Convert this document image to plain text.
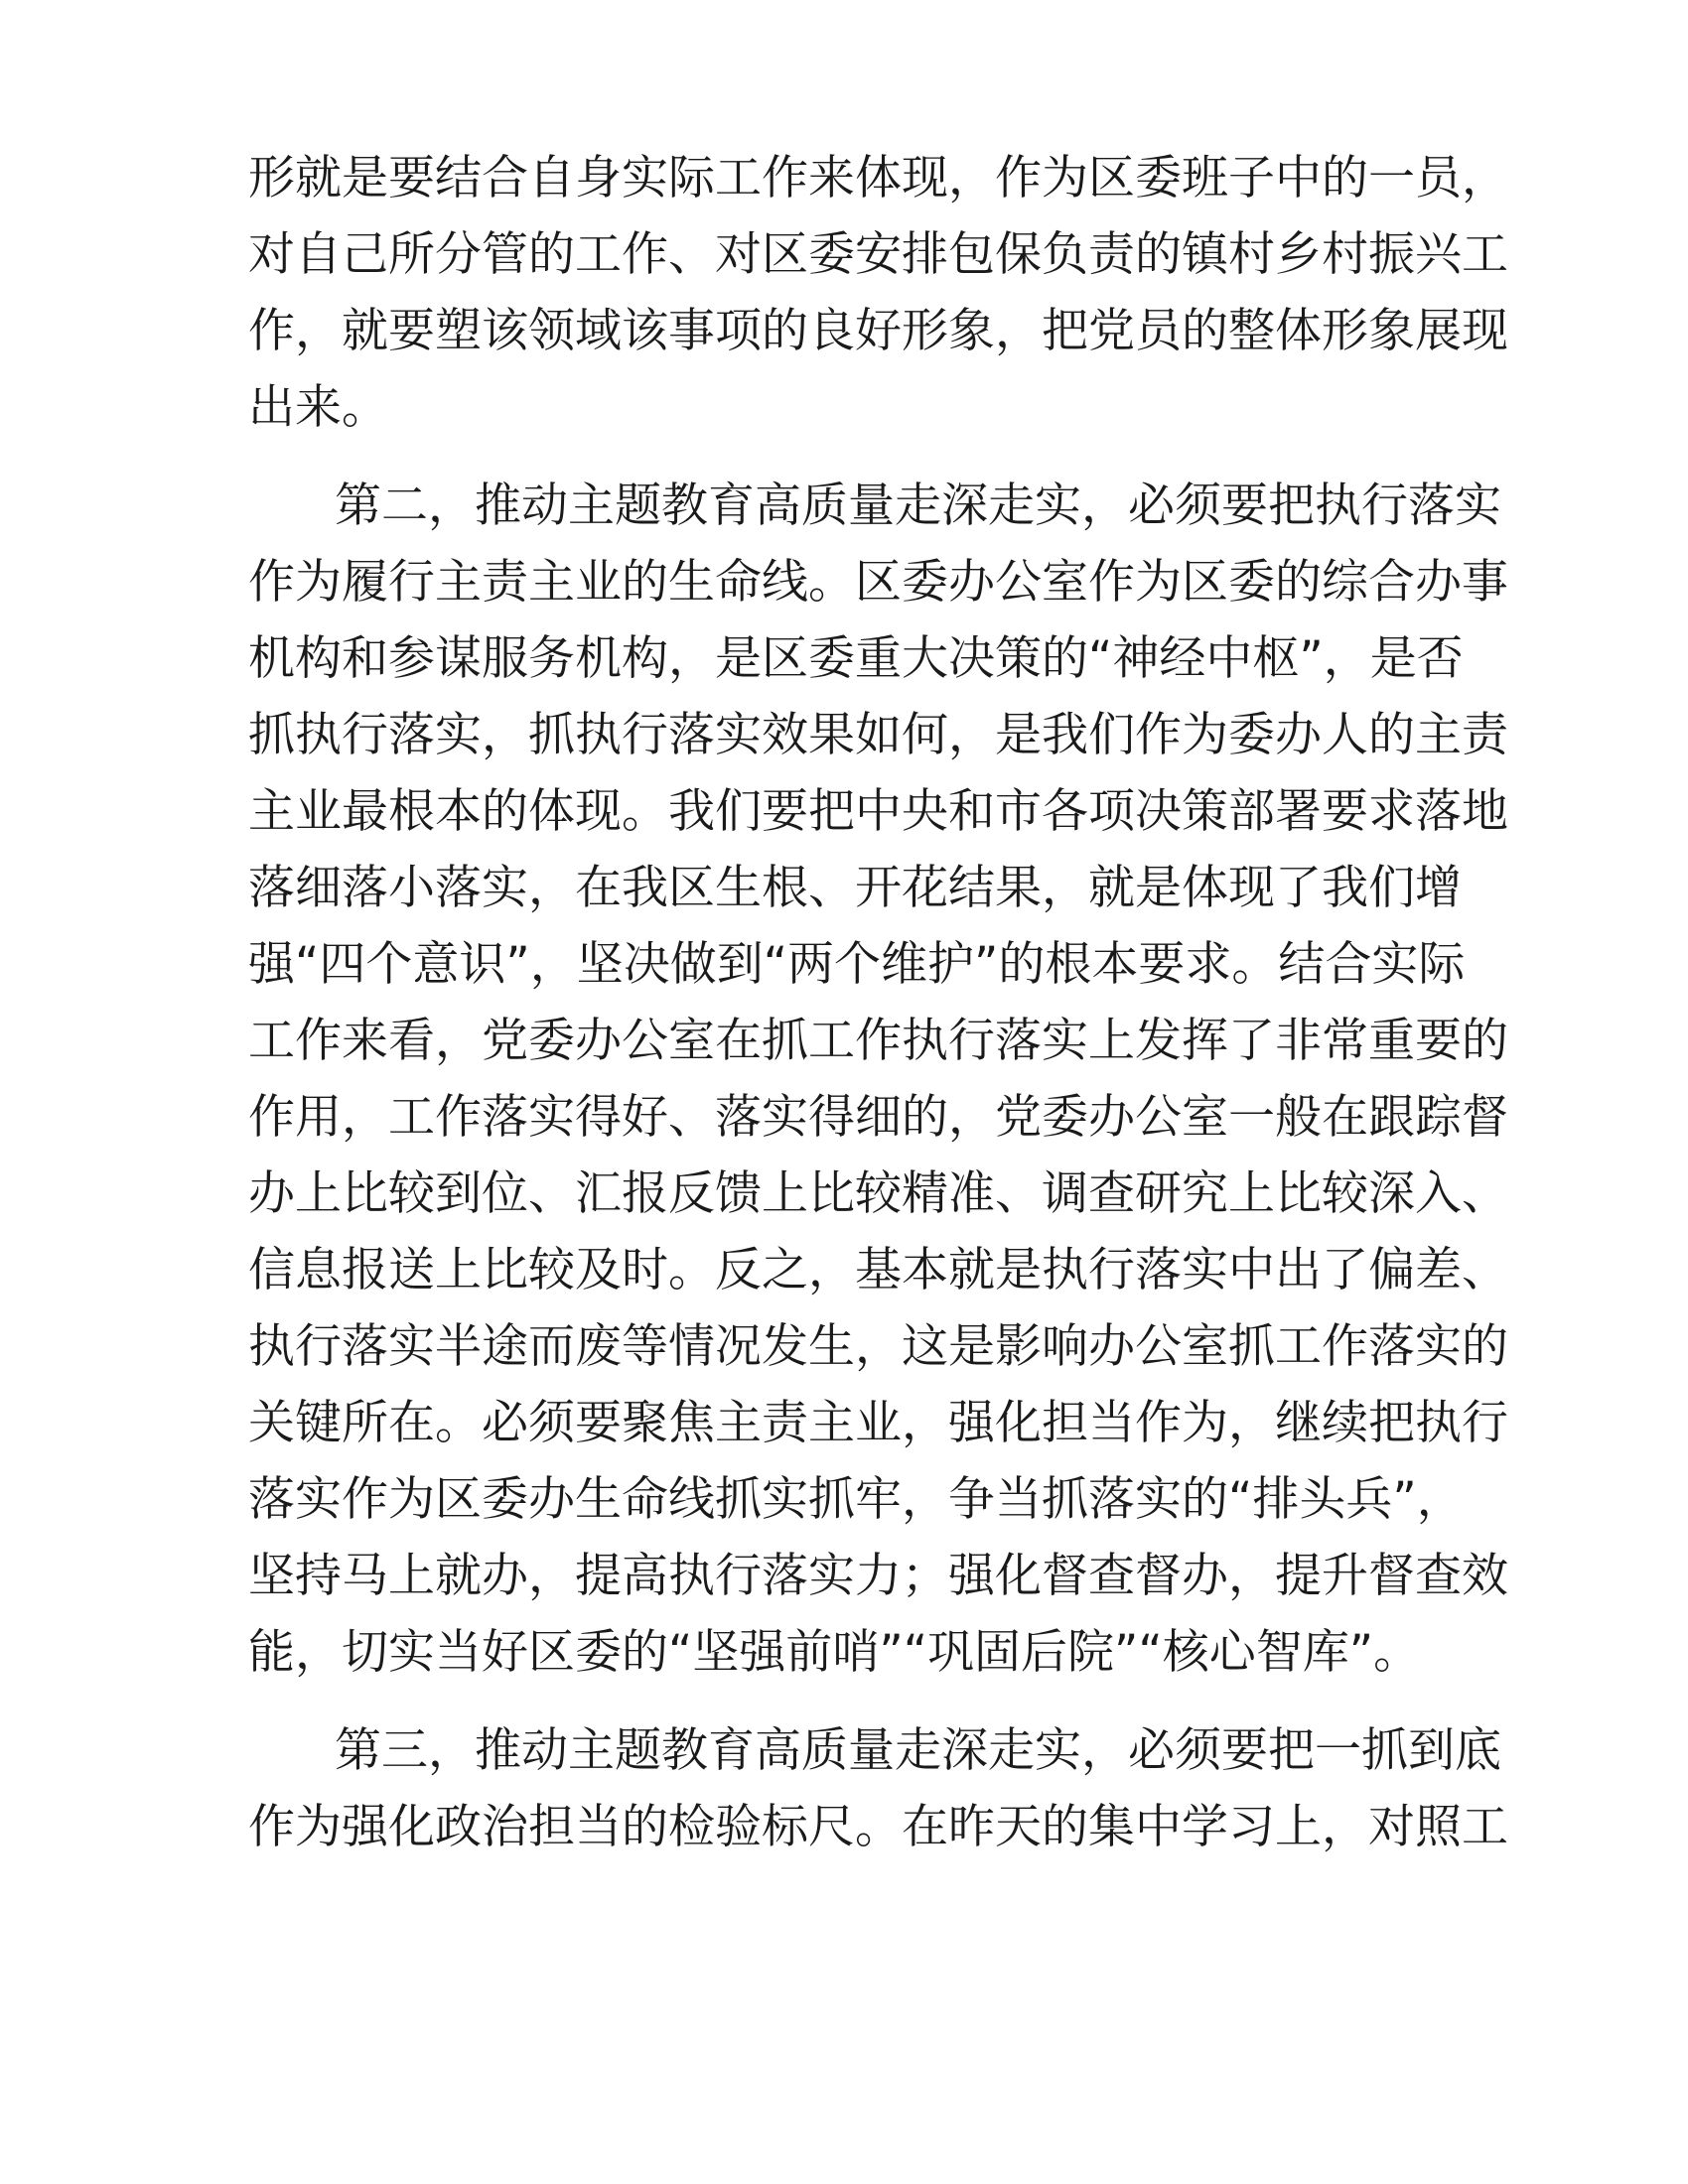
形就是要结合自身实际工作来体现，作为区委班子中的一员，
对自己所分管的工作、对区委安排包保负责的镇村乡村振兴工
作，就要塑该领域该事项的良好形象，把党员的整体形象展现
出来。
第二，推动主题教育高质量走深走实，必须要把执行落实
作为履行主责主业的生命线。区委办公室作为区委的综合办事
机构和参谋服务机构，是区委重大决策的“神经中枢”，是否
抓执行落实，抓执行落实效果如何，是我们作为委办人的主责
主业最根本的体现。我们要把中央和市各项决策部署要求落地
落细落小落实，在我区生根、开花结果，就是体现了我们增
强“四个意识”，坚决做到“两个维护”的根本要求。结合实际
工作来看，党委办公室在抓工作执行落实上发挥了非常重要的
作用，工作落实得好、落实得细的，党委办公室一般在跟踪督
办上比较到位、汇报反馈上比较精准、调查研究上比较深入、
信息报送上比较及时。反之，基本就是执行落实中出了偏差、
执行落实半途而废等情况发生，这是影响办公室抓工作落实的
关键所在。必须要聚焦主责主业，强化担当作为，继续把执行
落实作为区委办生命线抓实抓牢，争当抓落实的“排头兵”，
坚持马上就办，提高执行落实力；强化督查督办，提升督查效
能，切实当好区委的“坚强前哨”“巩固后院”“核心智库”。
第三，推动主题教育高质量走深走实，必须要把一抓到底
作为强化政治担当的检验标尺。在昨天的集中学习上，对照工
